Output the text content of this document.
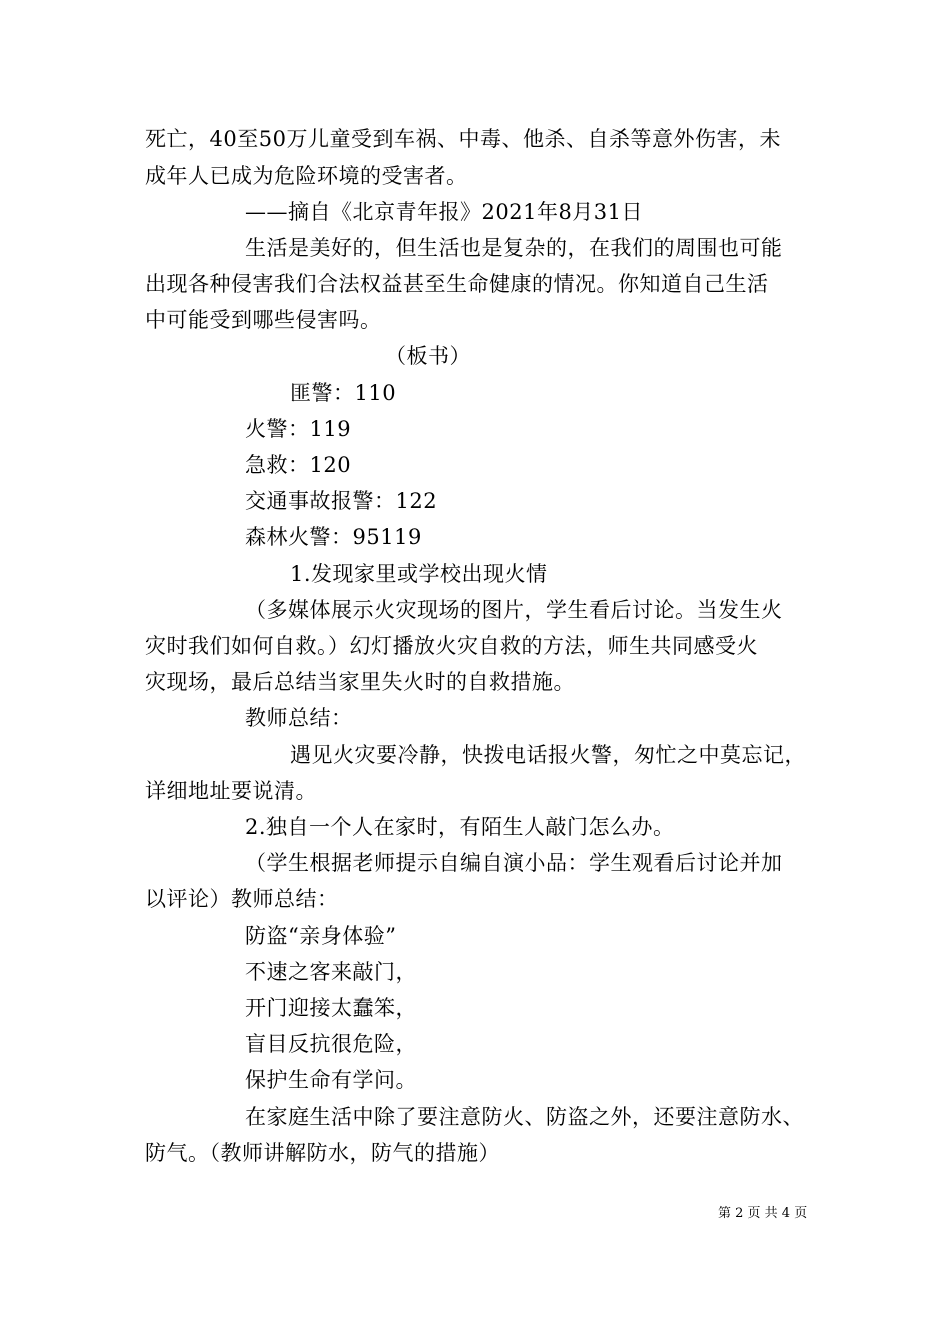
死亡，40至50万儿童受到车祸、中毒、他杀、自杀等意外伤害，未
成年人已成为危险环境的受害者。
——摘自《北京青年报》2021年8月31日
生活是美好的，但生活也是复杂的，在我们的周围也可能
出现各种侵害我们合法权益甚至生命健康的情况。你知道自己生活
中可能受到哪些侵害吗。
（板书）
匪警：110
火警：119
急救：120
交通事故报警：122
森林火警：95119
1.发现家里或学校出现火情
（多媒体展示火灾现场的图片，学生看后讨论。当发生火
灾时我们如何自救。）幻灯播放火灾自救的方法，师生共同感受火
灾现场，最后总结当家里失火时的自救措施。
教师总结：
遇见火灾要冷静，快拨电话报火警，匆忙之中莫忘记，
详细地址要说清。
2.独自一个人在家时，有陌生人敲门怎么办。
（学生根据老师提示自编自演小品：学生观看后讨论并加
以评论）教师总结：
防盗“亲身体验”
不速之客来敲门，
开门迎接太蠢笨，
盲目反抗很危险，
保护生命有学问。
在家庭生活中除了要注意防火、防盗之外，还要注意防水、
防气。（教师讲解防水，防气的措施）
第 2 页 共 4 页
